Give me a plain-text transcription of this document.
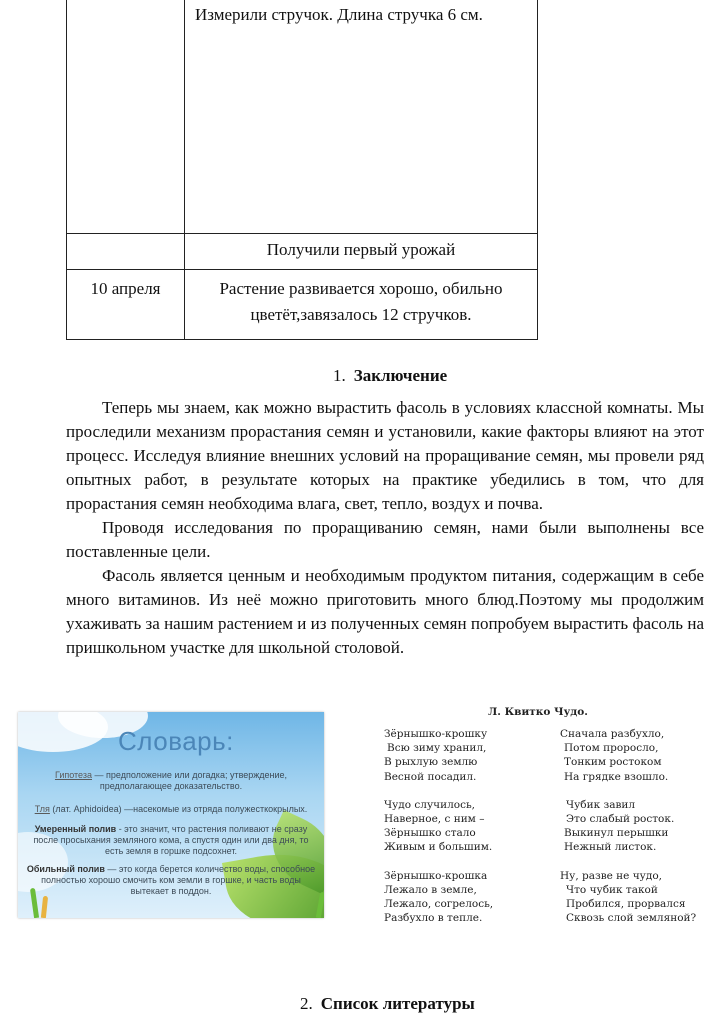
	Измерили стручок. Длина стручка 6 см.

	Получили первый урожай

10 апреля	Растение развивается хорошо, обильно цветёт,завязалось 12 стручков.
1. Заключение

Теперь мы знаем, как можно вырастить фасоль в условиях классной комнаты. Мы проследили механизм прорастания семян и установили, какие факторы влияют на этот процесс. Исследуя влияние внешних условий на проращивание семян, мы провели ряд опытных работ, в результате которых на практике убедились в том, что для прорастания семян необходима влага, свет, тепло, воздух и почва.

Проводя исследования по проращиванию семян, нами были выполнены все поставленные цели.

Фасоль является ценным и необходимым продуктом питания, содержащим в себе много витаминов. Из неё можно приготовить много блюд.Поэтому мы продолжим ухаживать за нашим растением и из полученных семян попробуем вырастить фасоль на пришкольном участке для школьной столовой.

Словарь:
Гипотеза — предположение или догадка; утверждение, предполагающее доказательство.
Тля (лат. Aphidoidea) —насекомые из отряда полужесткокрылых.
Умеренный полив - это значит, что растения поливают не сразу после просыхания земляного кома, а спустя один или два дня, то есть земля в горшке подсохнет.
Обильный полив — это когда берется количество воды, способное полностью хорошо смочить ком земли в горшке, и часть воды вытекает в поддон.
Л. Квитко Чудо.
Зёрнышко-крошку
Всю зиму хранил,
В рыхлую землю
Весной посадил.
Чудо случилось,
Наверное, с ним –
Зёрнышко стало
Живым и большим.
Зёрнышко-крошка
Лежало в земле,
Лежало, согрелось,
Разбухло в тепле.
Сначала разбухло,
Потом проросло,
Тонким ростоком
На грядке взошло.
Чубик завил
Это слабый росток.
Выкинул перышки
Нежный листок.
Ну, разве не чудо,
Что чубик такой
Пробился, прорвался
Сквозь слой земляной?
2. Список литературы
